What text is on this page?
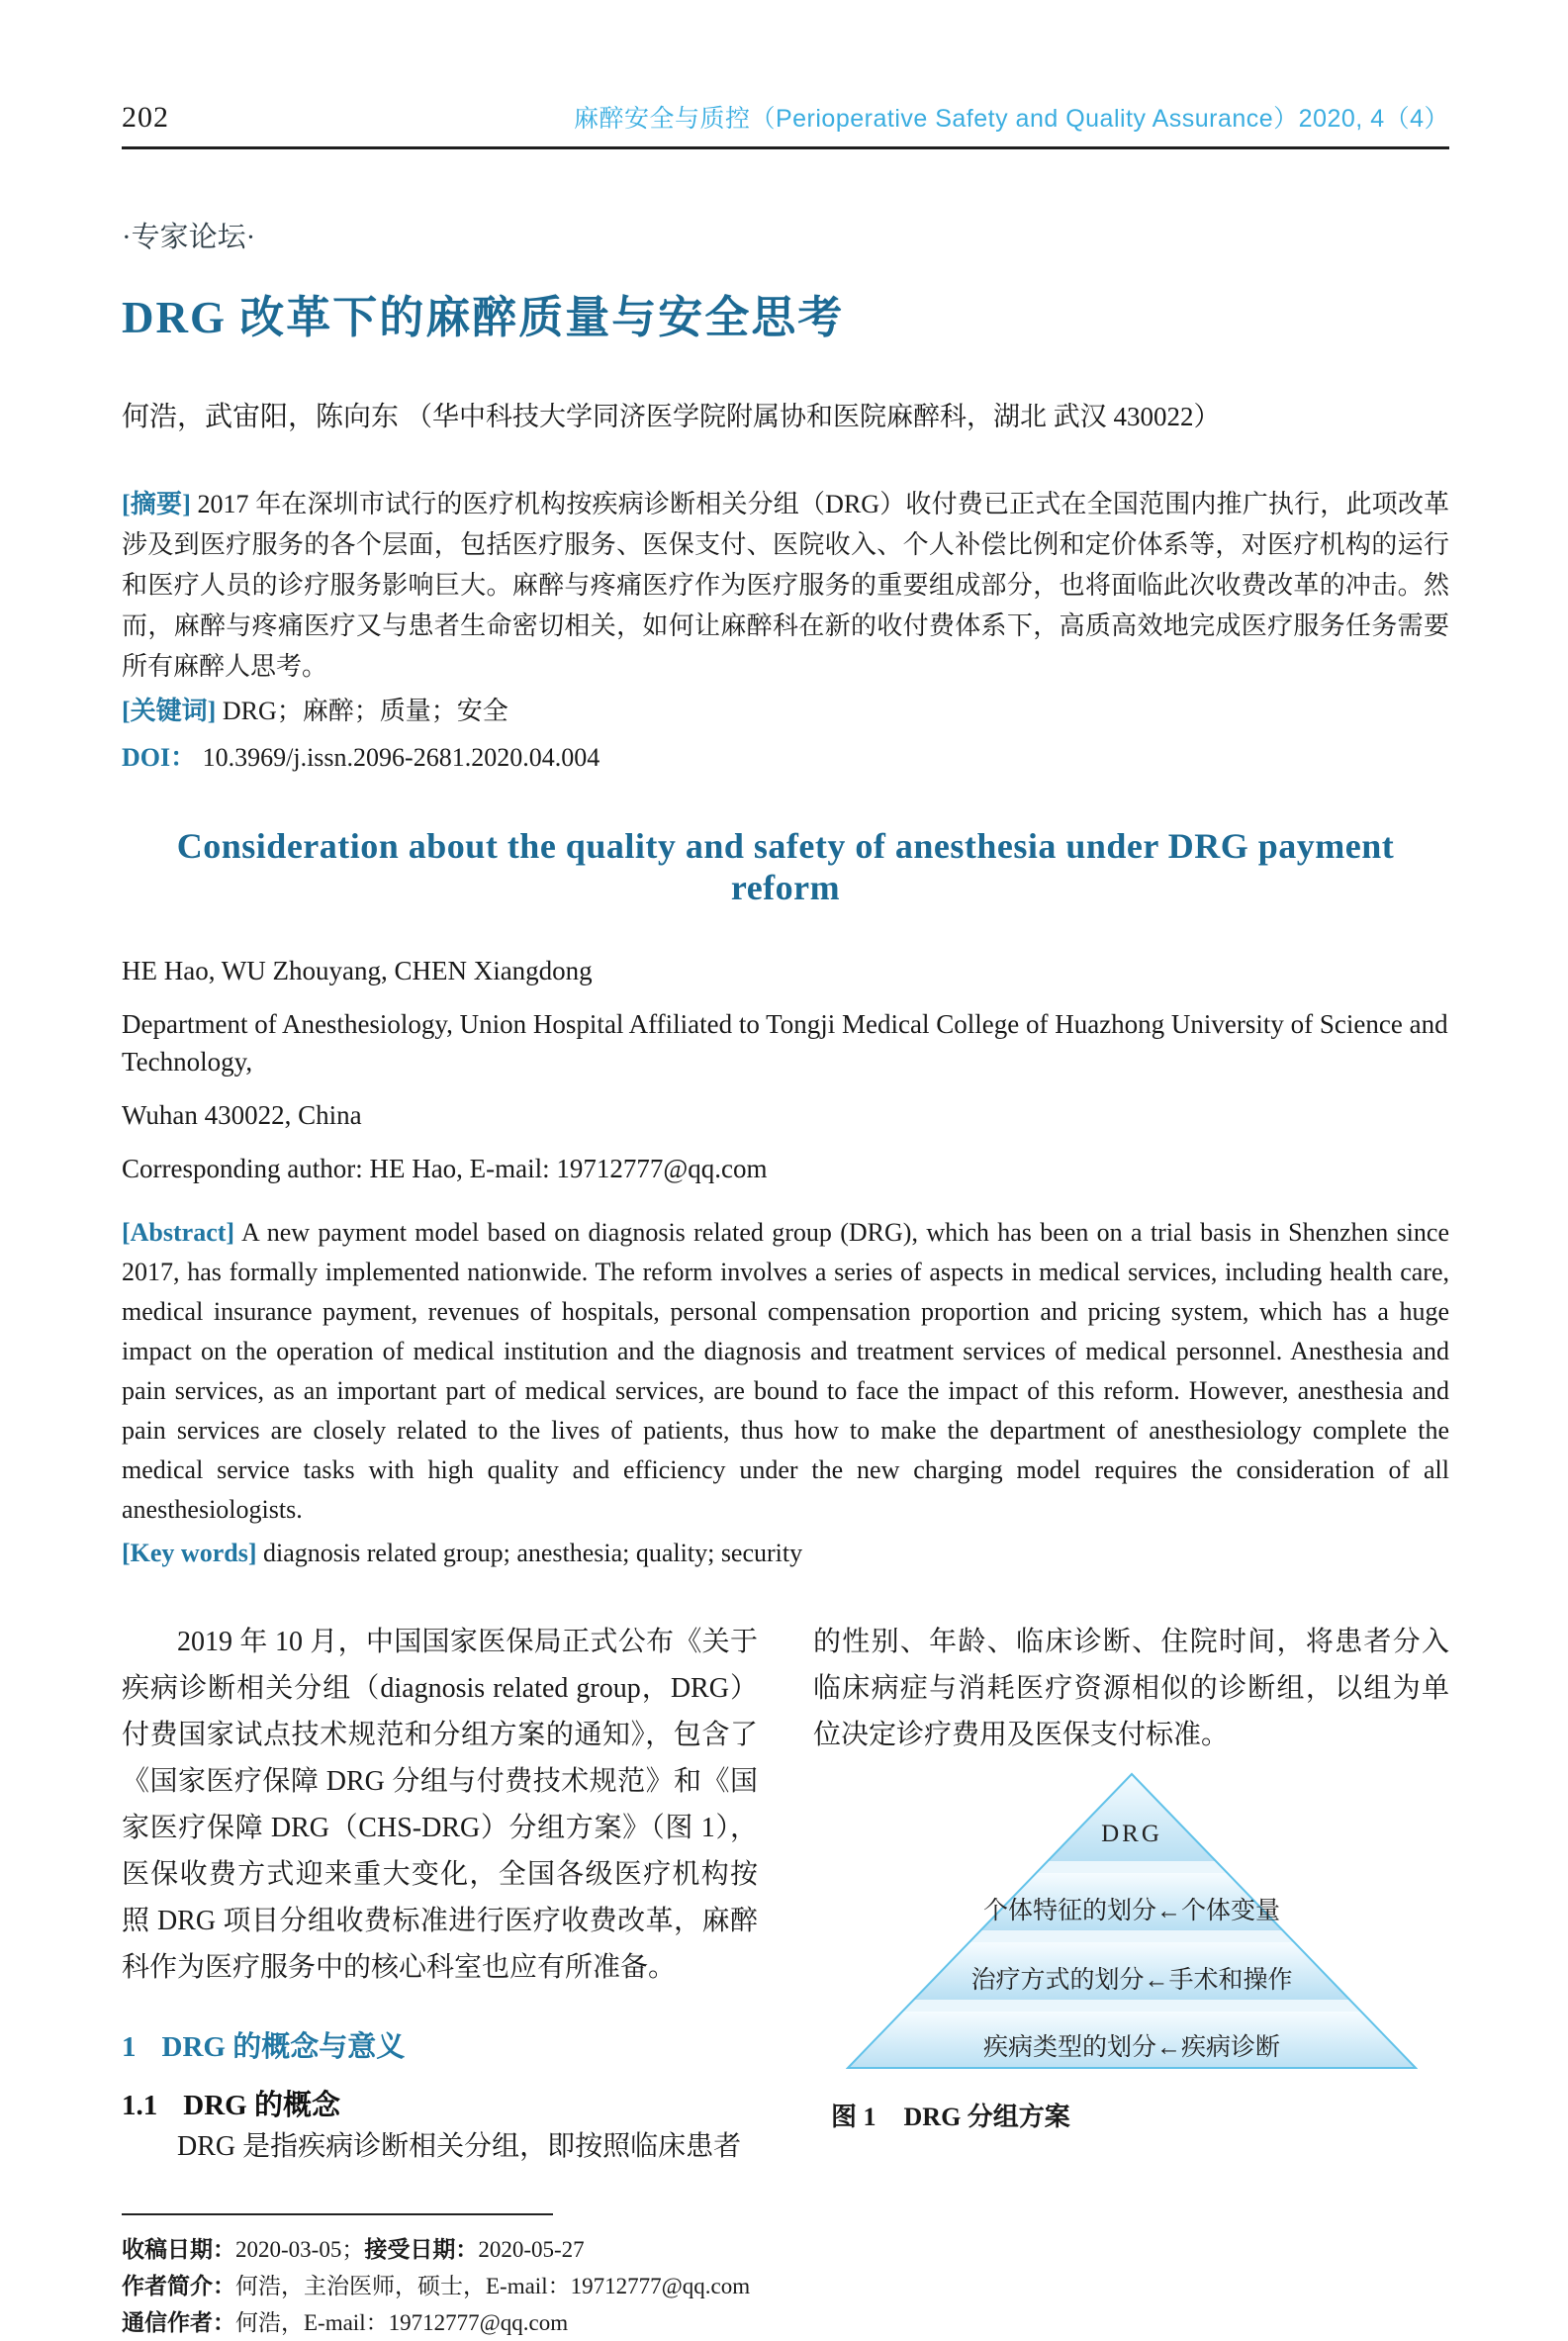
202	麻醉安全与质控（Perioperative Safety and Quality Assurance）2020, 4（4）
·专家论坛·
DRG 改革下的麻醉质量与安全思考
何浩，武宙阳，陈向东 （华中科技大学同济医学院附属协和医院麻醉科，湖北 武汉 430022）
[摘要] 2017 年在深圳市试行的医疗机构按疾病诊断相关分组（DRG）收付费已正式在全国范围内推广执行，此项改革涉及到医疗服务的各个层面，包括医疗服务、医保支付、医院收入、个人补偿比例和定价体系等，对医疗机构的运行和医疗人员的诊疗服务影响巨大。麻醉与疼痛医疗作为医疗服务的重要组成部分，也将面临此次收费改革的冲击。然而，麻醉与疼痛医疗又与患者生命密切相关，如何让麻醉科在新的收付费体系下，高质高效地完成医疗服务任务需要所有麻醉人思考。
[关键词] DRG；麻醉；质量；安全
DOI： 10.3969/j.issn.2096-2681.2020.04.004
Consideration about the quality and safety of anesthesia under DRG payment reform
HE Hao, WU Zhouyang, CHEN Xiangdong
Department of Anesthesiology, Union Hospital Affiliated to Tongji Medical College of Huazhong University of Science and Technology,
Wuhan 430022, China
Corresponding author: HE Hao, E-mail: 19712777@qq.com
[Abstract] A new payment model based on diagnosis related group (DRG), which has been on a trial basis in Shenzhen since 2017, has formally implemented nationwide. The reform involves a series of aspects in medical services, including health care, medical insurance payment, revenues of hospitals, personal compensation proportion and pricing system, which has a huge impact on the operation of medical institution and the diagnosis and treatment services of medical personnel. Anesthesia and pain services, as an important part of medical services, are bound to face the impact of this reform. However, anesthesia and pain services are closely related to the lives of patients, thus how to make the department of anesthesiology complete the medical service tasks with high quality and efficiency under the new charging model requires the consideration of all anesthesiologists.
[Key words] diagnosis related group; anesthesia; quality; security

2019 年 10 月，中国国家医保局正式公布《关于疾病诊断相关分组（diagnosis related group，DRG）付费国家试点技术规范和分组方案的通知》，包含了《国家医疗保障 DRG 分组与付费技术规范》和《国家医疗保障 DRG（CHS-DRG）分组方案》（图 1），医保收费方式迎来重大变化，全国各级医疗机构按照 DRG 项目分组收费标准进行医疗收费改革，麻醉科作为医疗服务中的核心科室也应有所准备。

1 DRG 的概念与意义
1.1 DRG 的概念

DRG 是指疾病诊断相关分组，即按照临床患者

收稿日期：2020-03-05；接受日期：2020-05-27
作者简介：何浩，主治医师，硕士，E-mail：19712777@qq.com
通信作者：何浩，E-mail：19712777@qq.com

的性别、年龄、临床诊断、住院时间，将患者分入临床病症与消耗医疗资源相似的诊断组，以组为单位决定诊疗费用及医保支付标准。

DRG
个体特征的划分←个体变量
治疗方式的划分←手术和操作
疾病类型的划分←疾病诊断
图 1 DRG 分组方案
